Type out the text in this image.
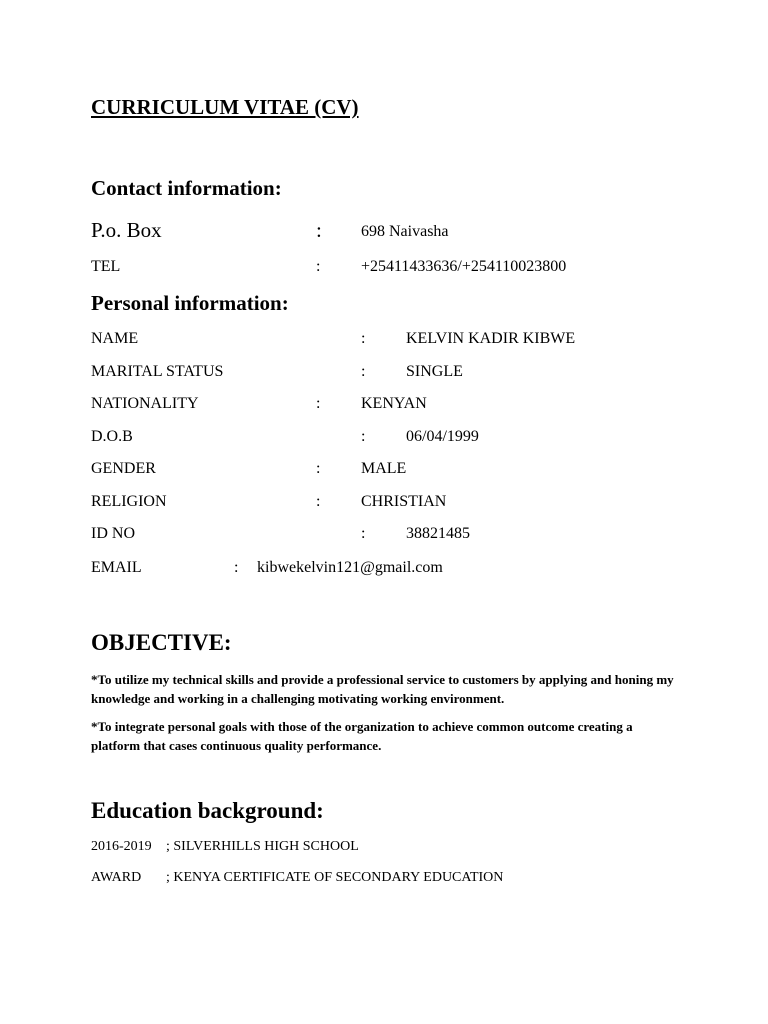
CURRICULUM VITAE (CV)
Contact information:
P.o. Box	: 698 Naivasha
TEL	:	+25411433636/+254110023800
Personal information:
NAME	:	KELVIN KADIR KIBWE
MARITAL STATUS	:	SINGLE
NATIONALITY	:	KENYAN
D.O.B	:	06/04/1999
GENDER	:	MALE
RELIGION	:	CHRISTIAN
ID NO	:	38821485
EMAIL	: kibwekelvin121@gmail.com
OBJECTIVE:
*To utilize my technical skills and provide a professional service to customers by applying and honing my knowledge and working in a challenging motivating working environment.
*To integrate personal goals with those of the organization to achieve common outcome creating a platform that cases continuous quality performance.
Education background:
2016-2019 ; SILVERHILLS HIGH SCHOOL
AWARD ; KENYA CERTIFICATE OF SECONDARY EDUCATION
